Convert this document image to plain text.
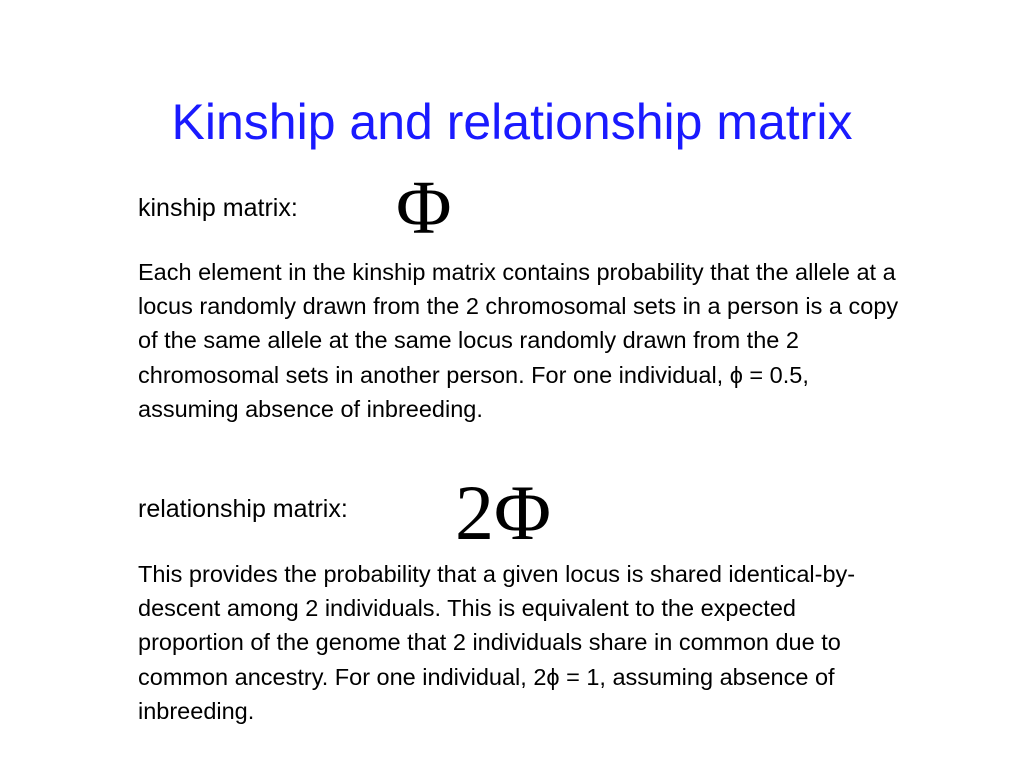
Kinship and relationship matrix
kinship matrix: Φ

Each element in the kinship matrix contains probability that the allele at a locus randomly drawn from the 2 chromosomal sets in a person is a copy of the same allele at the same locus randomly drawn from the 2 chromosomal sets in another person. For one individual, ϕ = 0.5, assuming absence of inbreeding.

relationship matrix: 2Φ

This provides the probability that a given locus is shared identical-by-descent among 2 individuals. This is equivalent to the expected proportion of the genome that 2 individuals share in common due to common ancestry. For one individual, 2ϕ = 1, assuming absence of inbreeding.
